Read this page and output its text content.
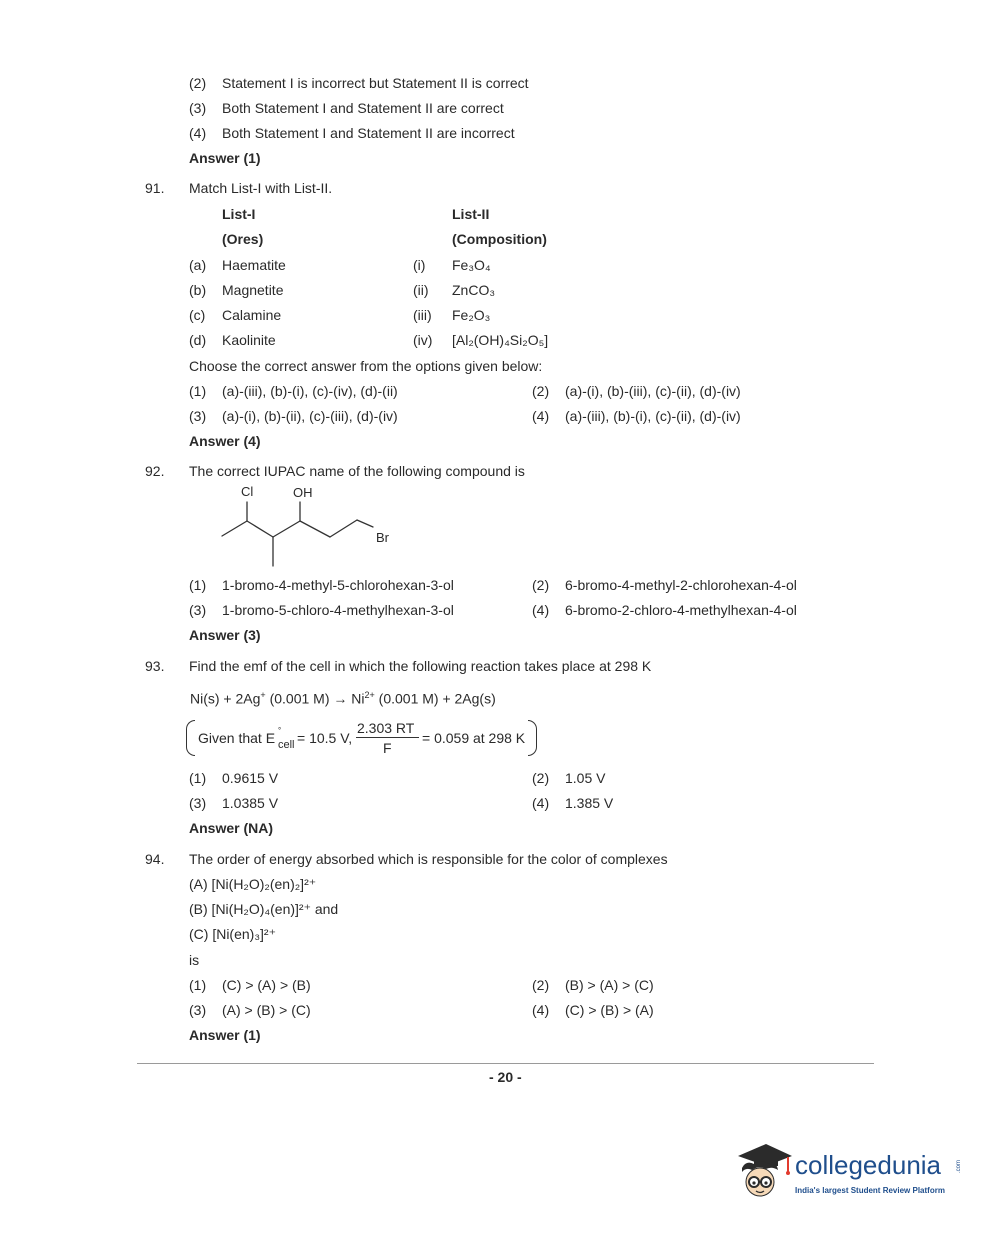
(2) Statement I is incorrect but Statement II is correct
(3) Both Statement I and Statement II are correct
(4) Both Statement I and Statement II are incorrect
Answer (1)
91. Match List-I with List-II.
List-I	List-II
(Ores)	(Composition)
(a) Haematite	(i) Fe₃O₄
(b) Magnetite	(ii) ZnCO₃
(c) Calamine	(iii) Fe₂O₃
(d) Kaolinite	(iv) [Al₂(OH)₄Si₂O₅]
Choose the correct answer from the options given below:
(1) (a)-(iii), (b)-(i), (c)-(iv), (d)-(ii)	(2) (a)-(i), (b)-(iii), (c)-(ii), (d)-(iv)
(3) (a)-(i), (b)-(ii), (c)-(iii), (d)-(iv)	(4) (a)-(iii), (b)-(i), (c)-(ii), (d)-(iv)
Answer (4)
92. The correct IUPAC name of the following compound is
Cl	OH
Br
(1) 1-bromo-4-methyl-5-chlorohexan-3-ol	(2) 6-bromo-4-methyl-2-chlorohexan-4-ol
(3) 1-bromo-5-chloro-4-methylhexan-3-ol	(4) 6-bromo-2-chloro-4-methylhexan-4-ol
Answer (3)
93. Find the emf of the cell in which the following reaction takes place at 298 K
Ni(s) + 2Ag+ (0.001 $M) \to Ni^{2+}$ (0.001 M) + 2Ag(s)
Given that E °
cell = 10.5 V,
2.303 RT
F
= 0.059 at 298 K
(1) 0.9615 V	(2) 1.05 V
(3) 1.0385 V	(4) 1.385 V
Answer (NA)
94. The order of energy absorbed which is responsible for the color of complexes
(A) [Ni(H₂O)₂(en)₂]²⁺
(B) [Ni(H₂O)₄(en)]²⁺ and
(C) [Ni(en)₃]²⁺
is
(1) (C) > (A) > (B)	(2) (B) > (A) > (C)
(3) (A) > (B) > (C)	(4) (C) > (B) > (A)
Answer (1)
- 20 -
collegedunia .com
India's largest Student Review Platform
